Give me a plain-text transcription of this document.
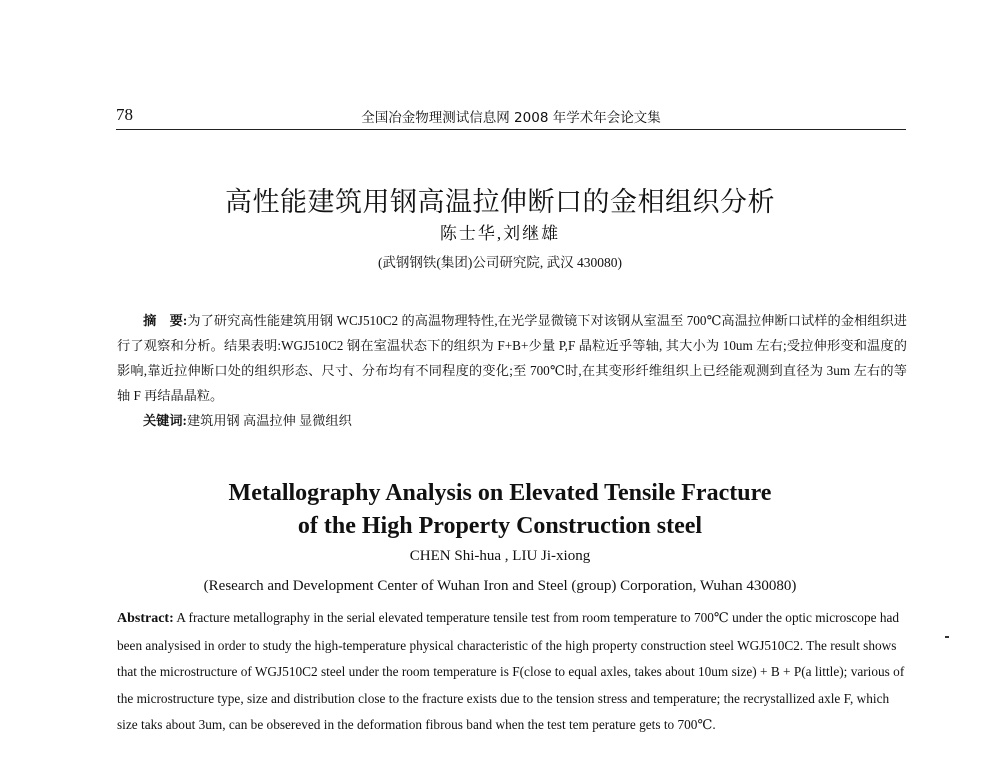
78	全国冶金物理测试信息网 2008 年学术年会论文集
高性能建筑用钢高温拉伸断口的金相组织分析
陈士华,刘继雄
(武钢钢铁(集团)公司研究院, 武汉 430080)

摘　要:为了研究高性能建筑用钢 WCJ510C2 的高温物理特性,在光学显微镜下对该钢从室温至 700℃高温拉伸断口试样的金相组织进行了观察和分析。结果表明:WGJ510C2 钢在室温状态下的组织为 F+B+少量 P,F 晶粒近乎等轴, 其大小为 10um 左右;受拉伸形变和温度的影响,靠近拉伸断口处的组织形态、尺寸、分布均有不同程度的变化;至 700℃时,在其变形纤维组织上已经能观测到直径为 3um 左右的等轴 F 再结晶晶粒。

关键词:建筑用钢 高温拉伸 显微组织

Metallography Analysis on Elevated Tensile Fracture
of the High Property Construction steel
CHEN Shi-hua , LIU Ji-xiong
(Research and Development Center of Wuhan Iron and Steel (group) Corporation, Wuhan 430080)
Abstract: A fracture metallography in the serial elevated temperature tensile test from room temperature to 700℃ under the optic microscope had been analysised in order to study the high-temperature physical characteristic of the high property construction steel WGJ510C2. The result shows that the microstructure of WGJ510C2 steel under the room temperature is F(close to equal axles, takes about 10um size) + B + P(a little); various of the microstructure type, size and distribution close to the fracture exists due to the tension stress and temperature; the recrystallized axle F, which size taks about 3um, can be obsereved in the deformation fibrous band when the test tem perature gets to 700℃.
